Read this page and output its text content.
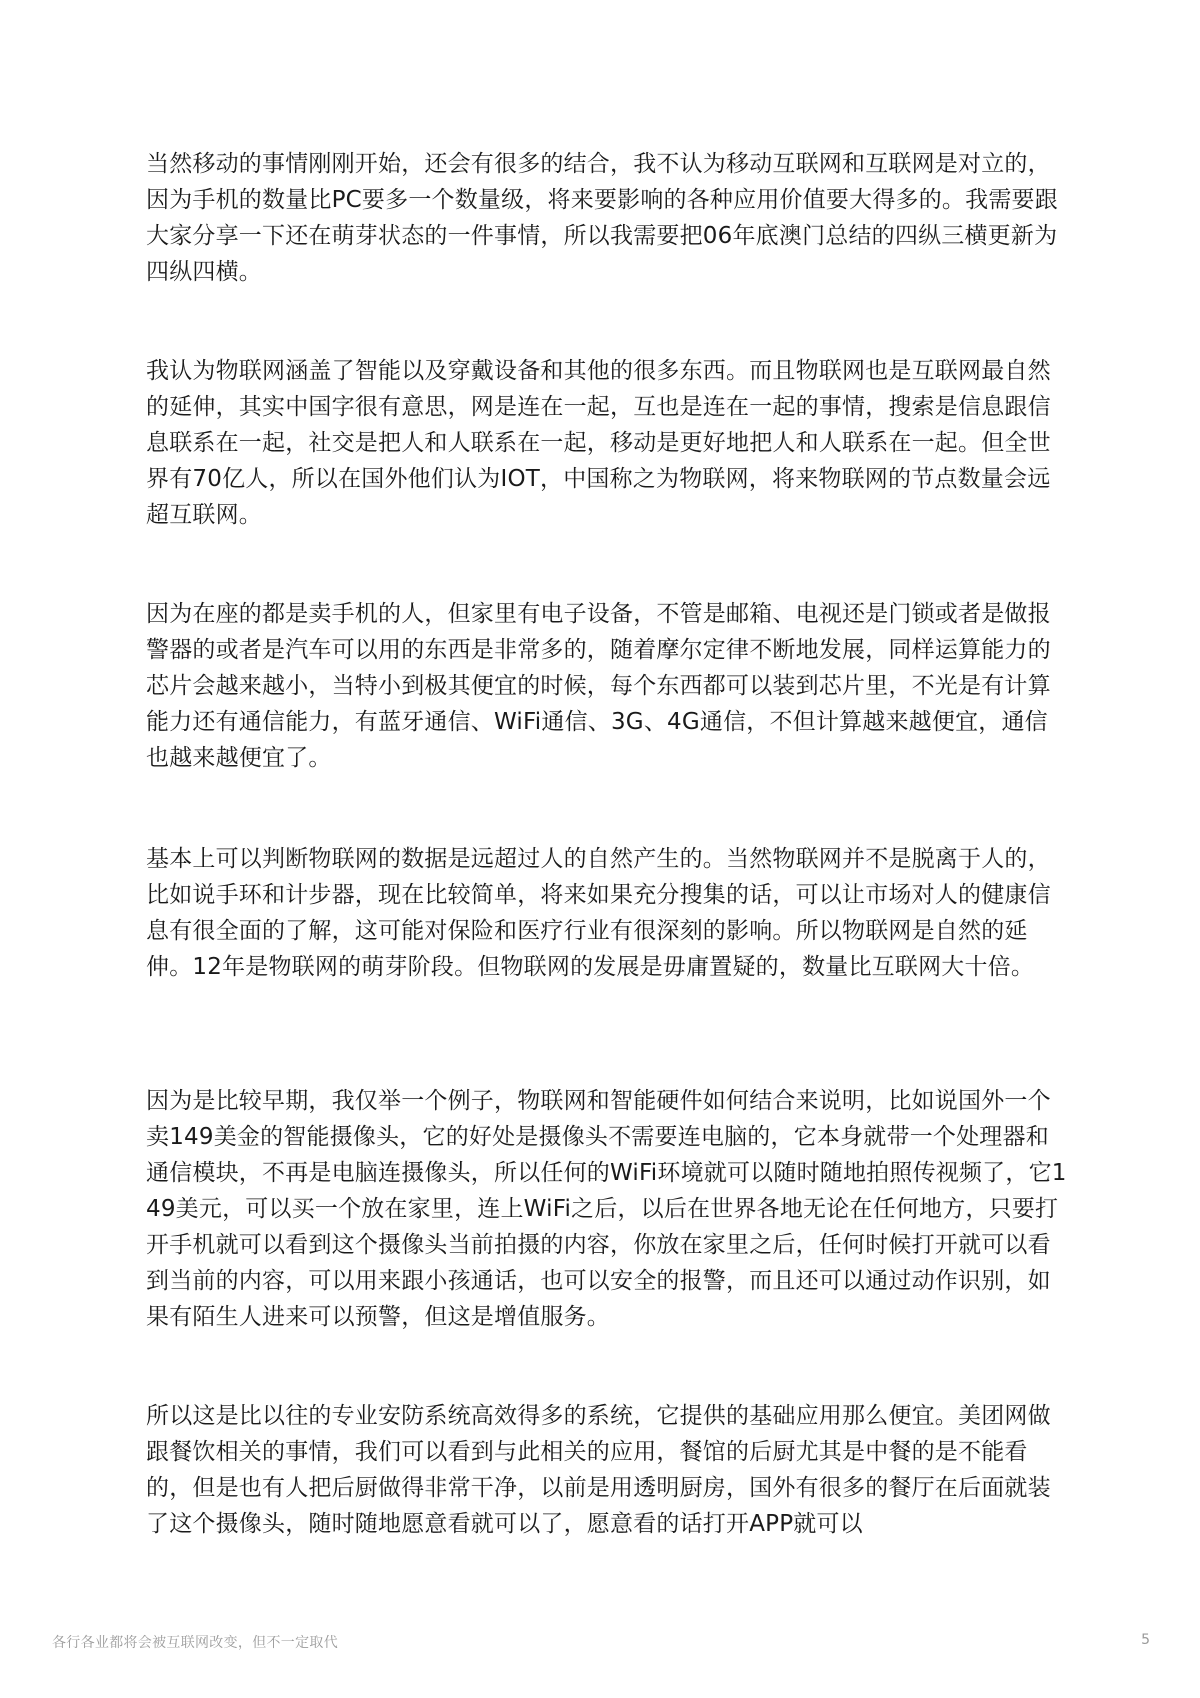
当然移动的事情刚刚开始，还会有很多的结合，我不认为移动互联网和互联网是对立的，因为手机的数量比PC要多一个数量级，将来要影响的各种应用价值要大得多的。我需要跟大家分享一下还在萌芽状态的一件事情，所以我需要把06年底澳门总结的四纵三横更新为四纵四横。

我认为物联网涵盖了智能以及穿戴设备和其他的很多东西。而且物联网也是互联网最自然的延伸，其实中国字很有意思，网是连在一起，互也是连在一起的事情，搜索是信息跟信息联系在一起，社交是把人和人联系在一起，移动是更好地把人和人联系在一起。但全世界有70亿人，所以在国外他们认为IOT，中国称之为物联网，将来物联网的节点数量会远超互联网。

因为在座的都是卖手机的人，但家里有电子设备，不管是邮箱、电视还是门锁或者是做报警器的或者是汽车可以用的东西是非常多的，随着摩尔定律不断地发展，同样运算能力的芯片会越来越小，当特小到极其便宜的时候，每个东西都可以装到芯片里，不光是有计算能力还有通信能力，有蓝牙通信、WiFi通信、3G、4G通信，不但计算越来越便宜，通信也越来越便宜了。

基本上可以判断物联网的数据是远超过人的自然产生的。当然物联网并不是脱离于人的，比如说手环和计步器，现在比较简单，将来如果充分搜集的话，可以让市场对人的健康信息有很全面的了解，这可能对保险和医疗行业有很深刻的影响。所以物联网是自然的延伸。12年是物联网的萌芽阶段。但物联网的发展是毋庸置疑的，数量比互联网大十倍。

因为是比较早期，我仅举一个例子，物联网和智能硬件如何结合来说明，比如说国外一个卖149美金的智能摄像头，它的好处是摄像头不需要连电脑的，它本身就带一个处理器和通信模块，不再是电脑连摄像头，所以任何的WiFi环境就可以随时随地拍照传视频了，它149美元，可以买一个放在家里，连上WiFi之后，以后在世界各地无论在任何地方，只要打开手机就可以看到这个摄像头当前拍摄的内容，你放在家里之后，任何时候打开就可以看到当前的内容，可以用来跟小孩通话，也可以安全的报警，而且还可以通过动作识别，如果有陌生人进来可以预警，但这是增值服务。

所以这是比以往的专业安防系统高效得多的系统，它提供的基础应用那么便宜。美团网做跟餐饮相关的事情，我们可以看到与此相关的应用，餐馆的后厨尤其是中餐的是不能看的，但是也有人把后厨做得非常干净，以前是用透明厨房，国外有很多的餐厅在后面就装了这个摄像头，随时随地愿意看就可以了，愿意看的话打开APP就可以

各行各业都将会被互联网改变，但不一定取代	5
